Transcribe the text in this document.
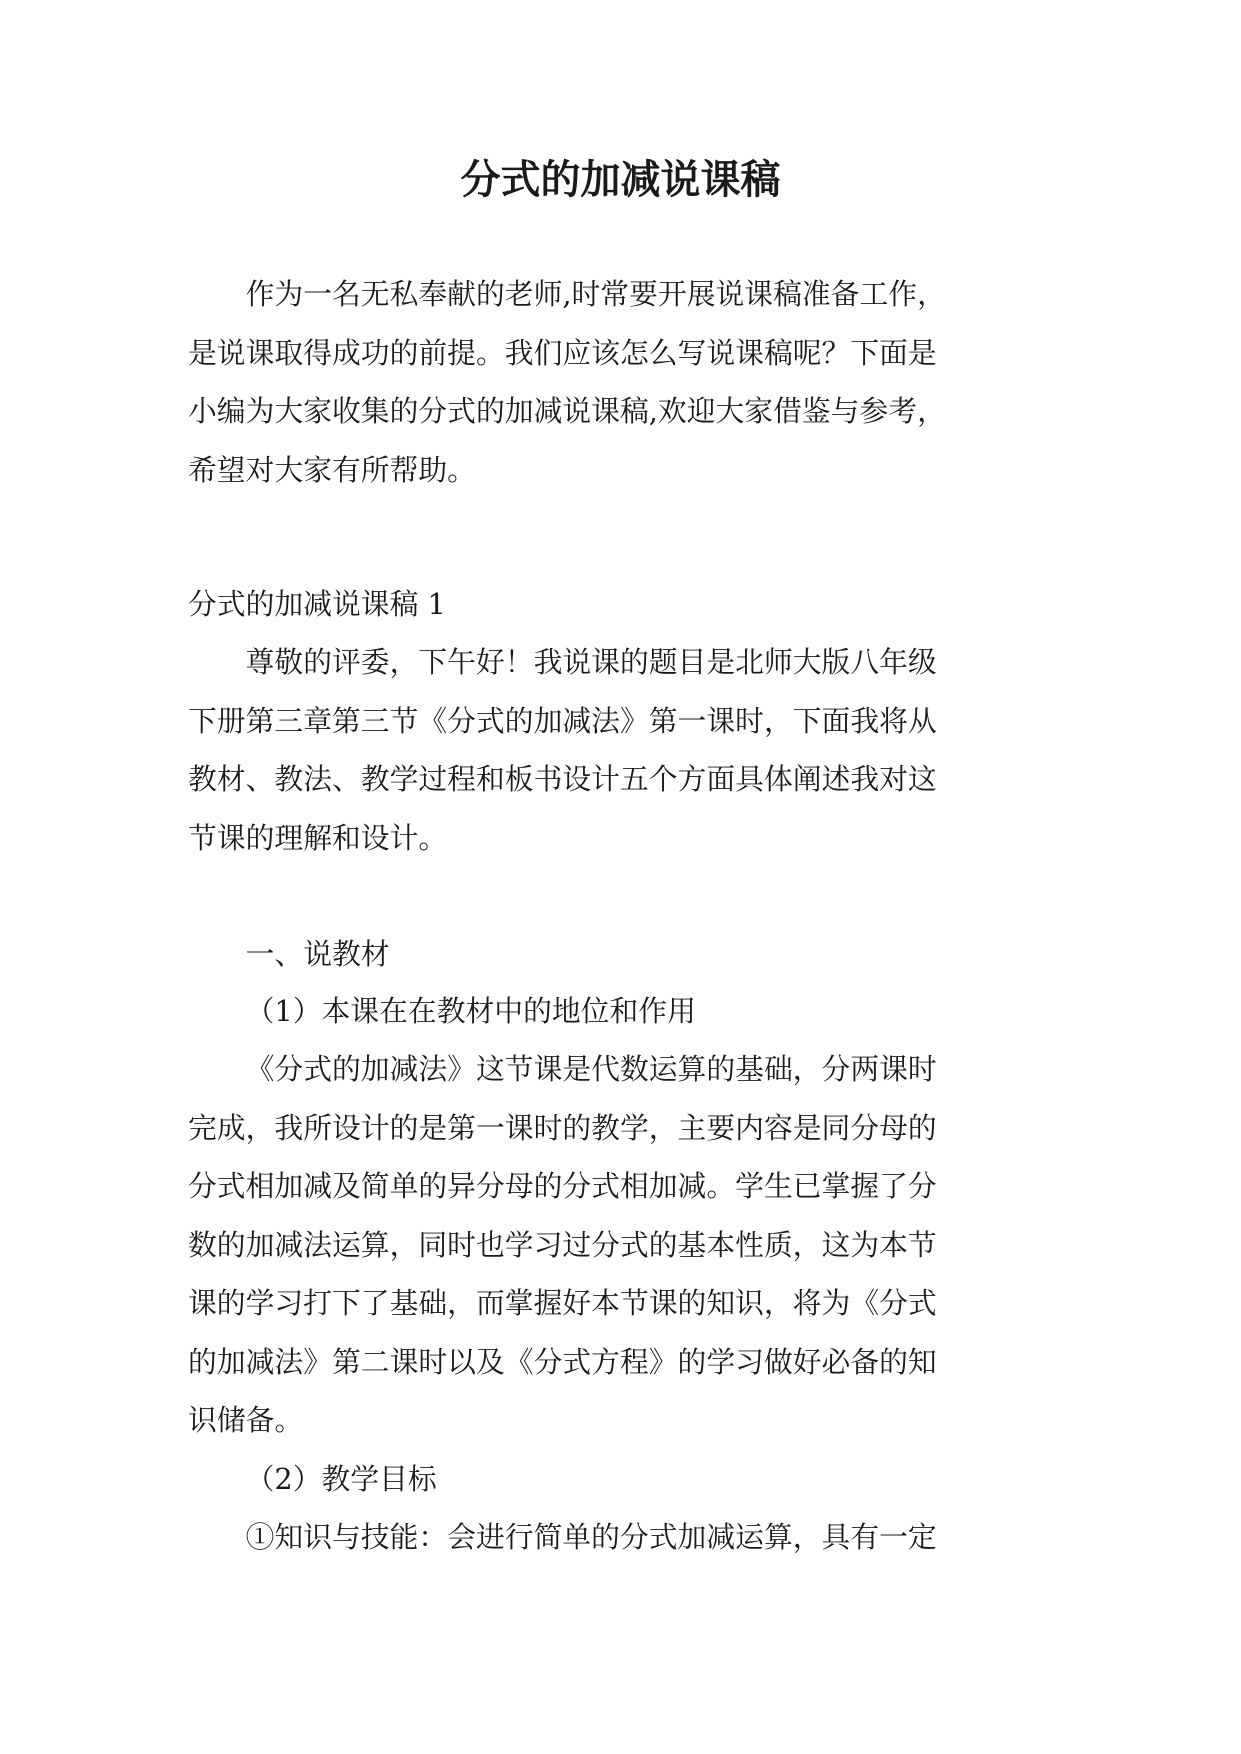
分式的加减说课稿
作为一名无私奉献的老师,时常要开展说课稿准备工作，
是说课取得成功的前提。我们应该怎么写说课稿呢？下面是
小编为大家收集的分式的加减说课稿,欢迎大家借鉴与参考，
希望对大家有所帮助。
分式的加减说课稿 1
尊敬的评委，下午好！我说课的题目是北师大版八年级
下册第三章第三节《分式的加减法》第一课时，下面我将从
教材、教法、教学过程和板书设计五个方面具体阐述我对这
节课的理解和设计。
一、说教材
（1）本课在在教材中的地位和作用
《分式的加减法》这节课是代数运算的基础，分两课时
完成，我所设计的是第一课时的教学，主要内容是同分母的
分式相加减及简单的异分母的分式相加减。学生已掌握了分
数的加减法运算，同时也学习过分式的基本性质，这为本节
课的学习打下了基础，而掌握好本节课的知识，将为《分式
的加减法》第二课时以及《分式方程》的学习做好必备的知
识储备。
（2）教学目标
①知识与技能：会进行简单的分式加减运算，具有一定
